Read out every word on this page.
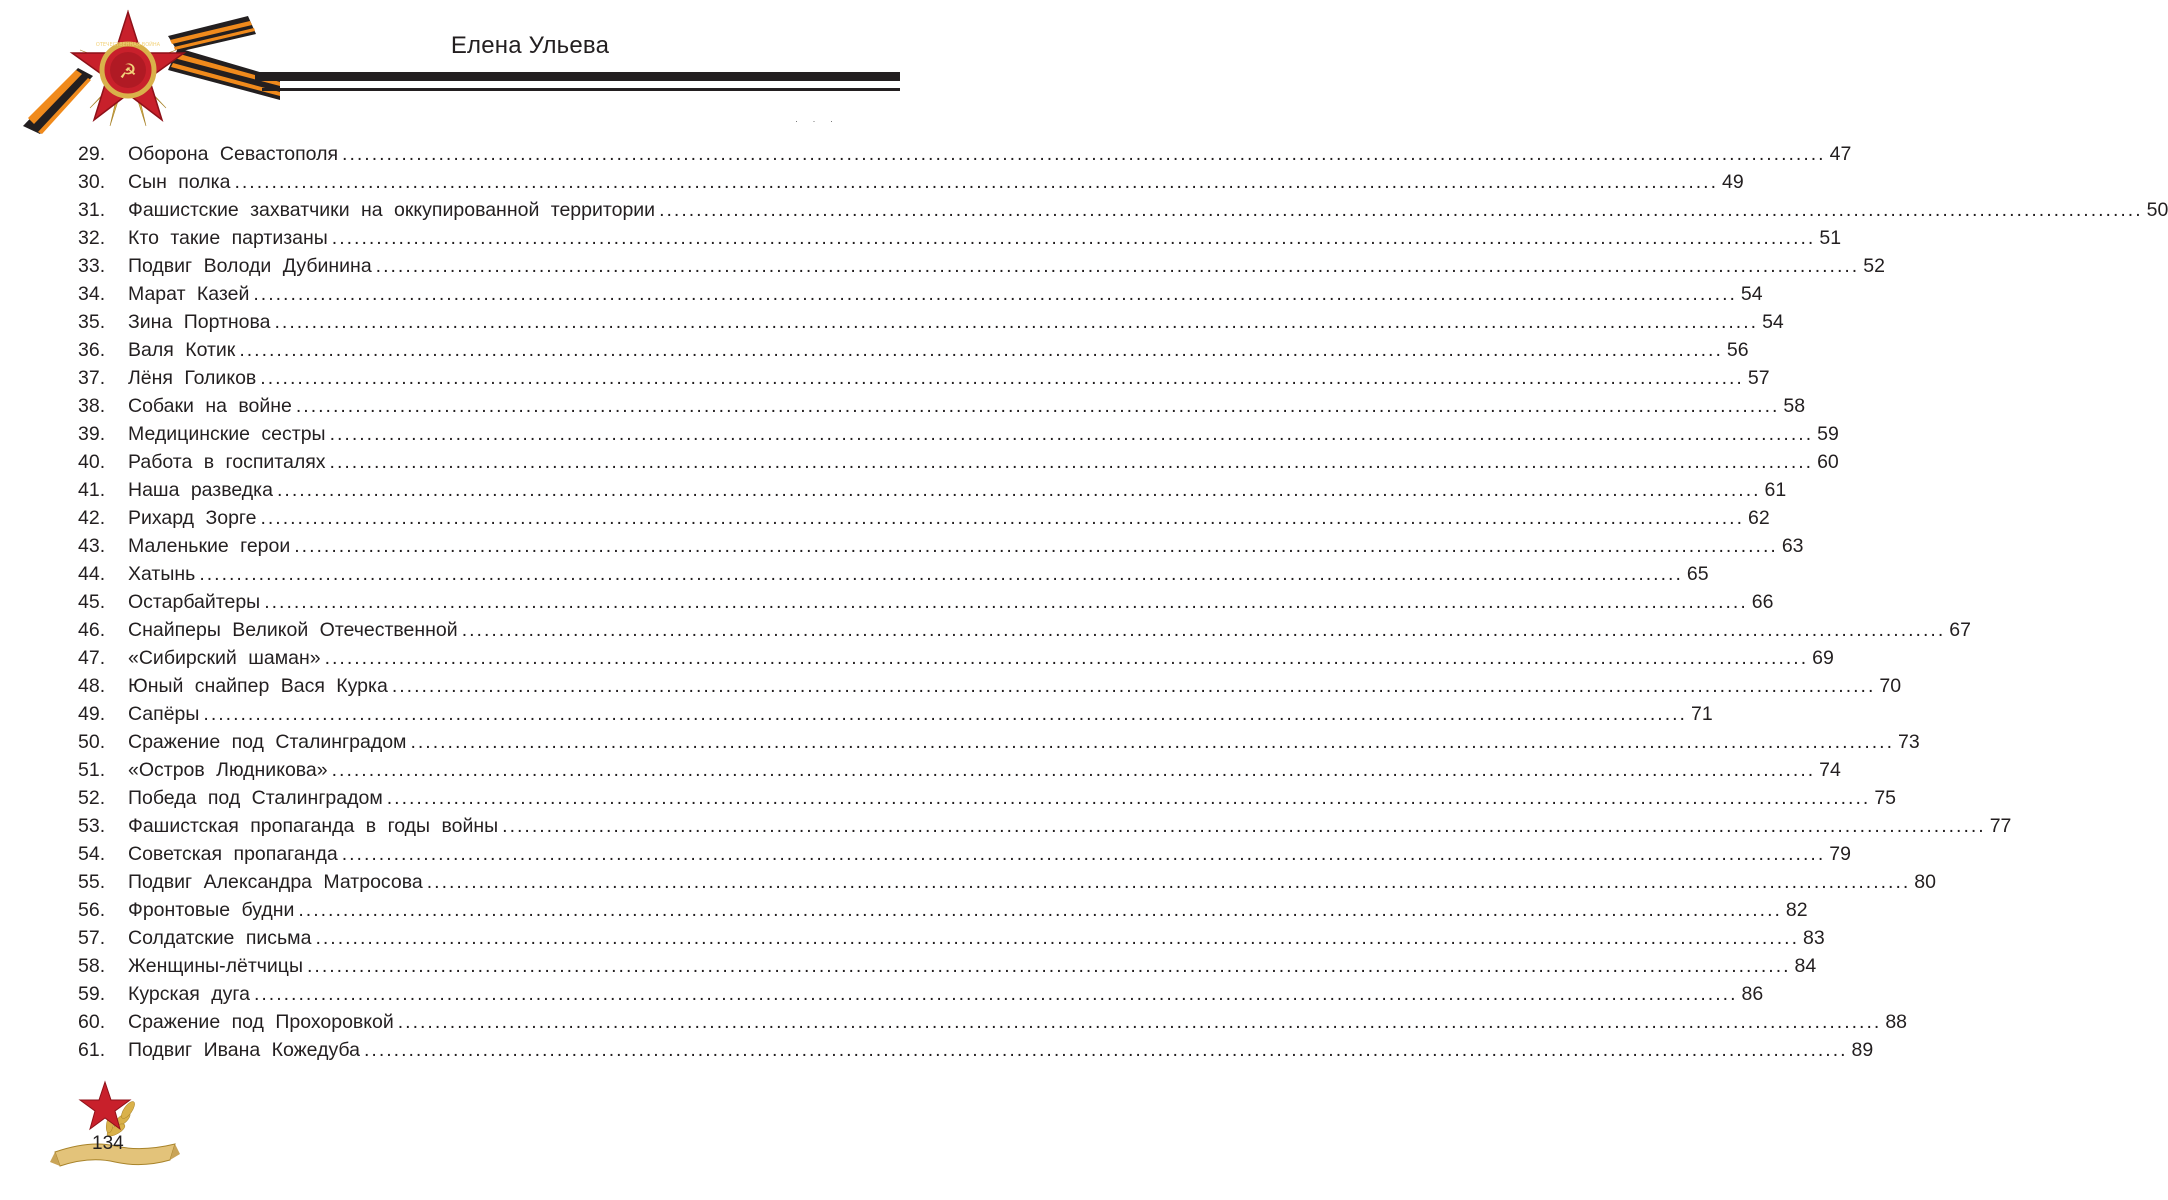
☭
ОТЕЧЕСТВЕННАЯ ВОЙНА	Елена Ульева
· · ·
29.	Оборона Севастополя ........................................................................................................................................................................................................ 47
30.	Сын полка ........................................................................................................................................................................................................ 49
31.	Фашистские захватчики на оккупированной территории ........................................................................................................................................................................................................ 50
32.	Кто такие партизаны ........................................................................................................................................................................................................ 51
33.	Подвиг Володи Дубинина ........................................................................................................................................................................................................ 52
34.	Марат Казей ........................................................................................................................................................................................................ 54
35.	Зина Портнова ........................................................................................................................................................................................................ 54
36.	Валя Котик ........................................................................................................................................................................................................ 56
37.	Лёня Голиков ........................................................................................................................................................................................................ 57
38.	Собаки на войне ........................................................................................................................................................................................................ 58
39.	Медицинские сестры ........................................................................................................................................................................................................ 59
40.	Работа в госпиталях ........................................................................................................................................................................................................ 60
41.	Наша разведка ........................................................................................................................................................................................................ 61
42.	Рихард Зорге ........................................................................................................................................................................................................ 62
43.	Маленькие герои ........................................................................................................................................................................................................ 63
44.	Хатынь ........................................................................................................................................................................................................ 65
45.	Остарбайтеры ........................................................................................................................................................................................................ 66
46.	Снайперы Великой Отечественной ........................................................................................................................................................................................................ 67
47.	«Сибирский шаман» ........................................................................................................................................................................................................ 69
48.	Юный снайпер Вася Курка ........................................................................................................................................................................................................ 70
49.	Сапёры ........................................................................................................................................................................................................ 71
50.	Сражение под Сталинградом ........................................................................................................................................................................................................ 73
51.	«Остров Людникова» ........................................................................................................................................................................................................ 74
52.	Победа под Сталинградом ........................................................................................................................................................................................................ 75
53.	Фашистская пропаганда в годы войны ........................................................................................................................................................................................................ 77
54.	Советская пропаганда ........................................................................................................................................................................................................ 79
55.	Подвиг Александра Матросова ........................................................................................................................................................................................................ 80
56.	Фронтовые будни ........................................................................................................................................................................................................ 82
57.	Солдатские письма ........................................................................................................................................................................................................ 83
58.	Женщины-лётчицы ........................................................................................................................................................................................................ 84
59.	Курская дуга ........................................................................................................................................................................................................ 86
60.	Сражение под Прохоровкой ........................................................................................................................................................................................................ 88
61.	Подвиг Ивана Кожедуба ........................................................................................................................................................................................................ 89
134
